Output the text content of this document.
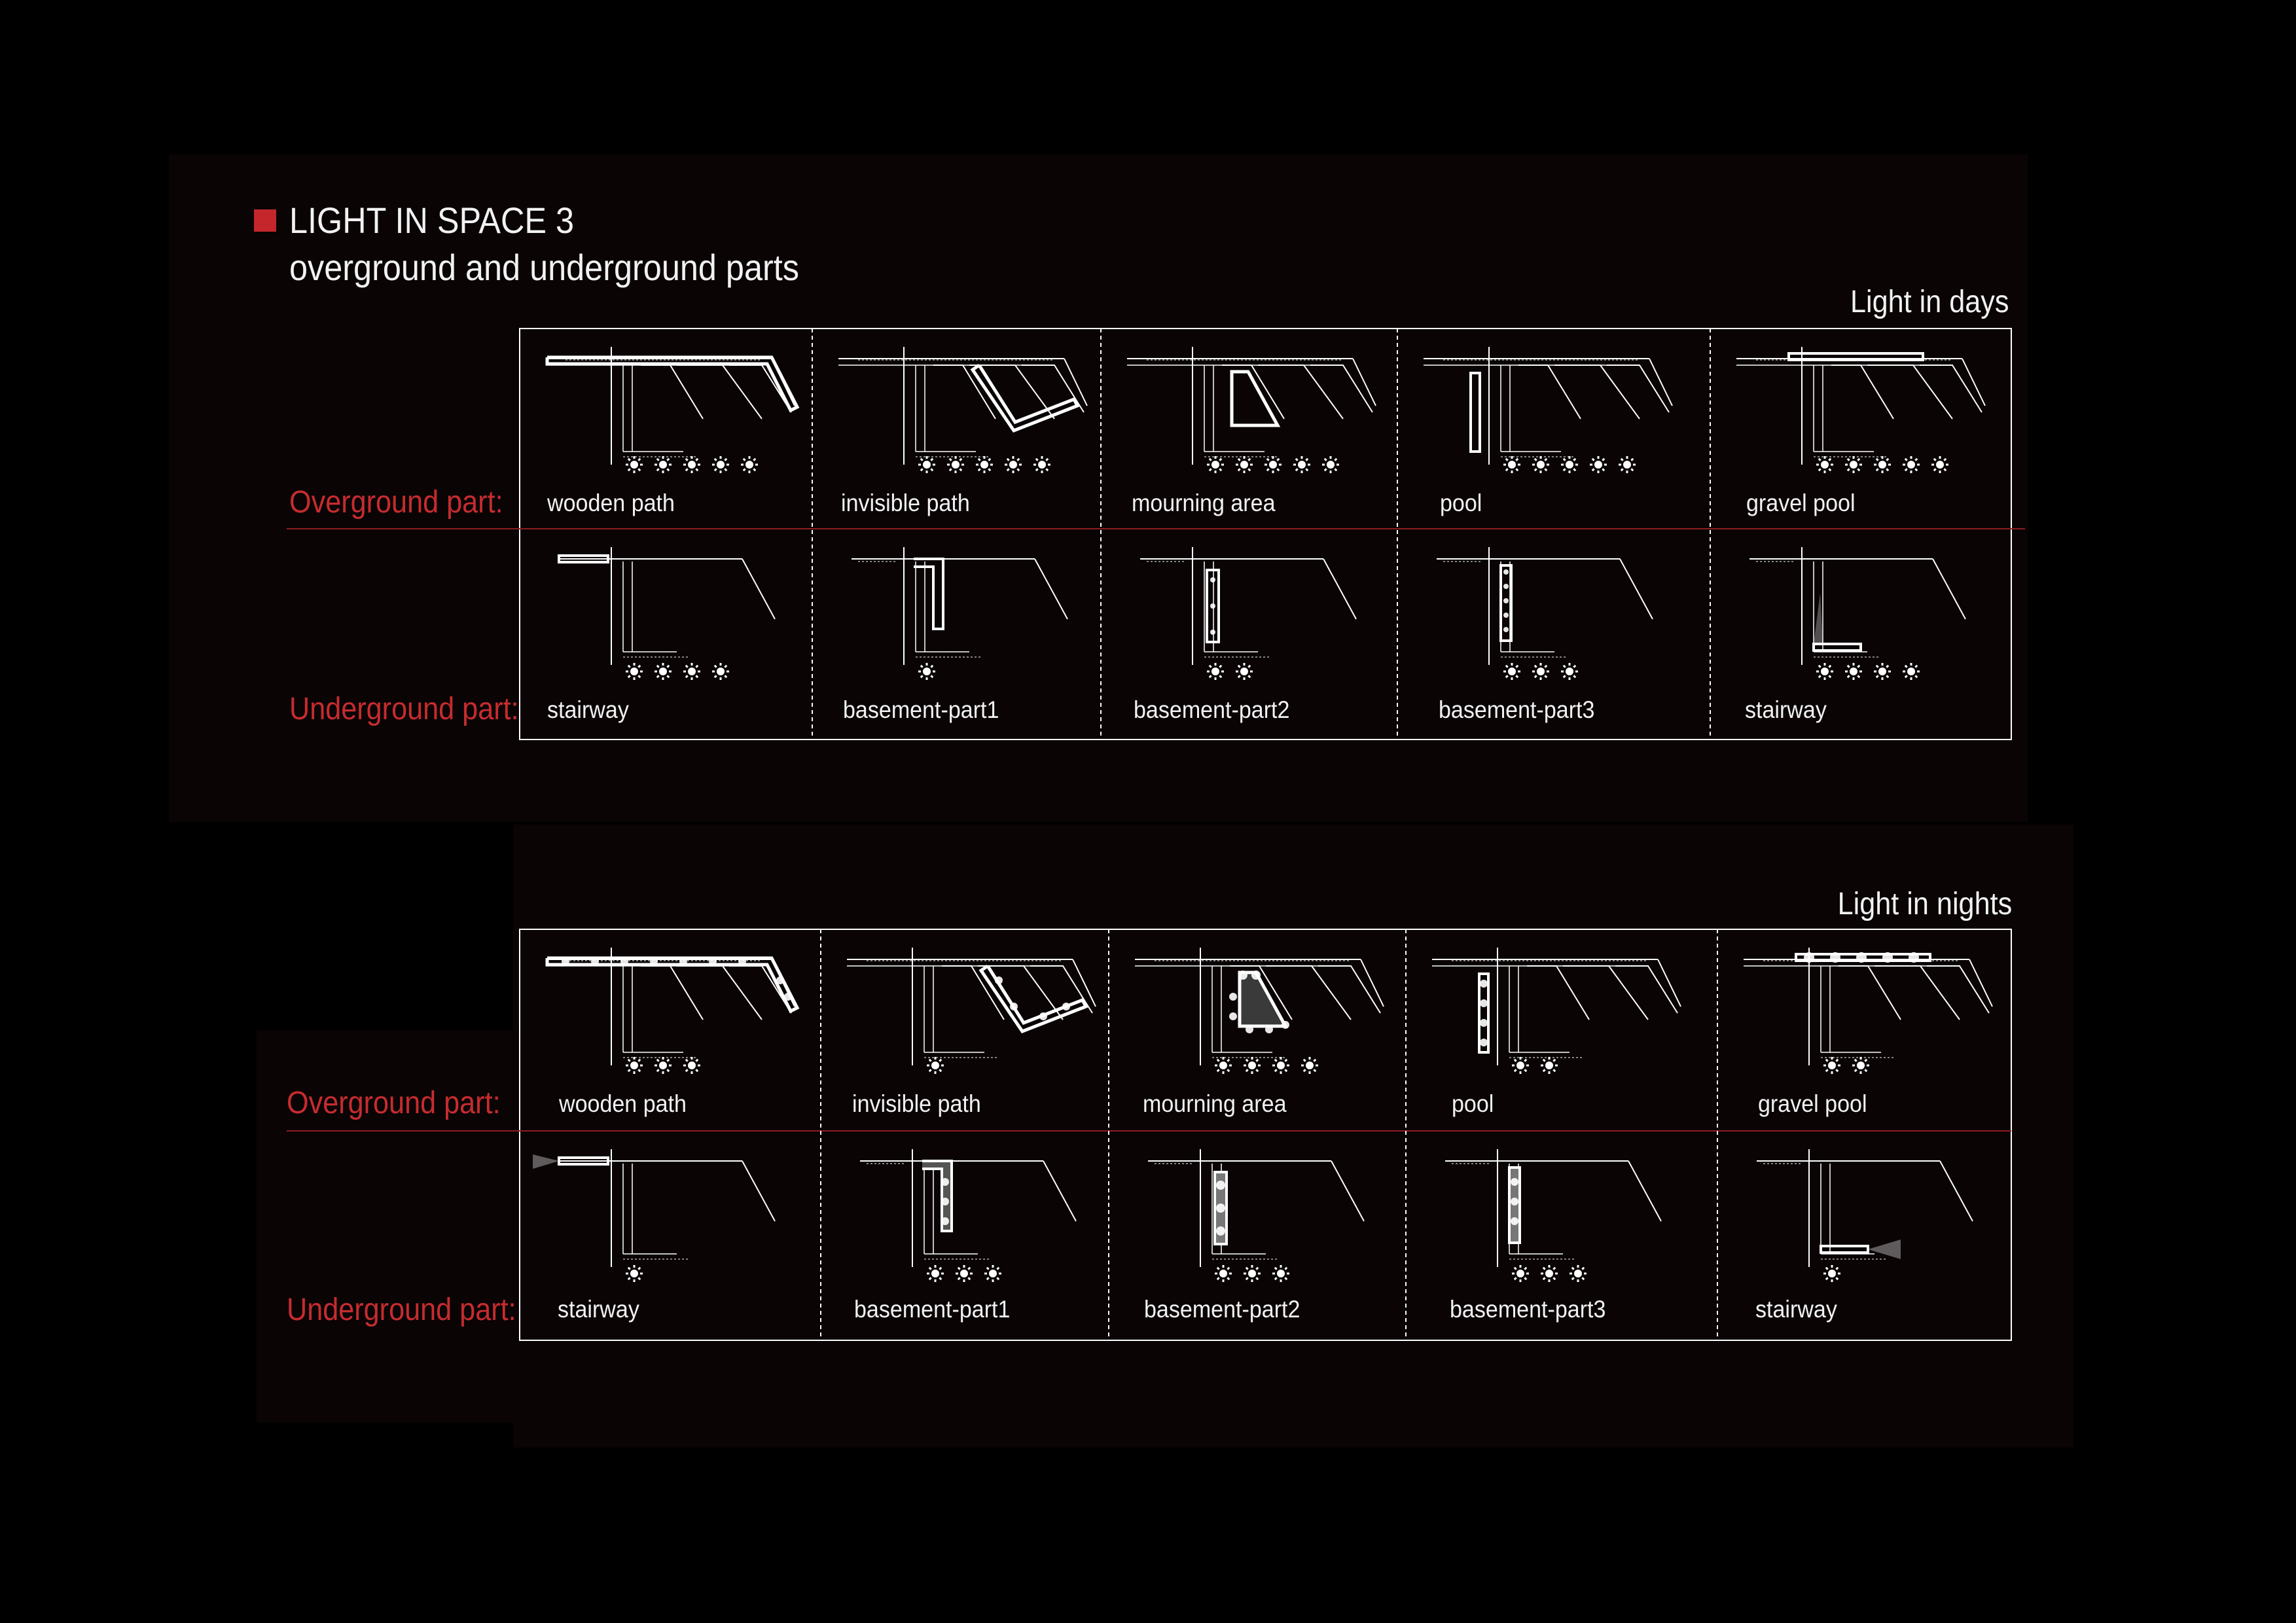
LIGHT IN SPACE 3
overground and underground parts
Light in days
Light in nights
Overground part:
Underground part:
Overground part:
Underground part:
wooden path	invisible path	mourning area	pool	gravel pool
stairway	basement-part1	basement-part2	basement-part3	stairway
wooden path	invisible path	mourning area	pool	gravel pool
stairway	basement-part1	basement-part2	basement-part3	stairway
